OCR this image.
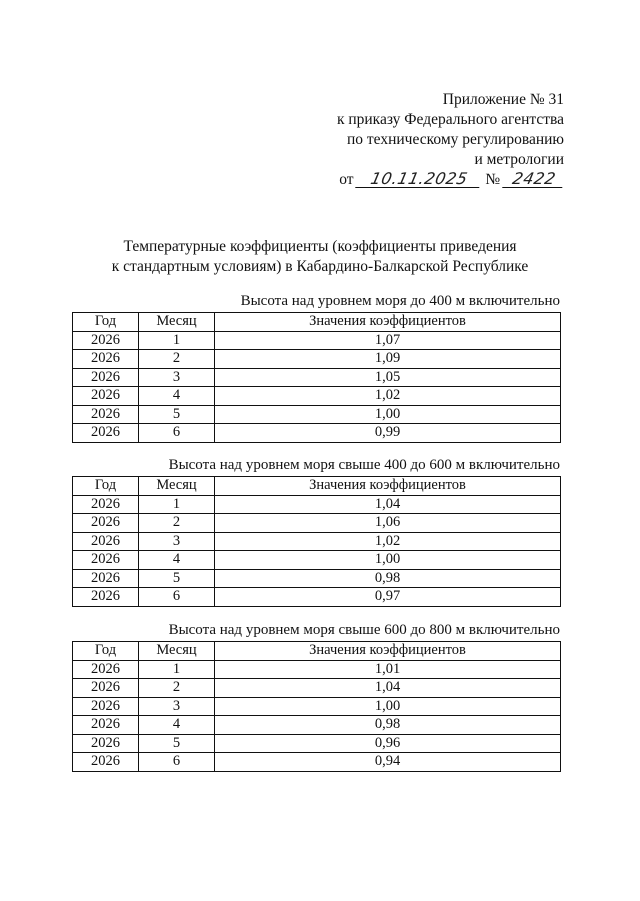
Приложение № 31
к приказу Федерального агентства
по техническому регулированию
и метрологии
от 10.11.2025 № 2422
Температурные коэффициенты (коэффициенты приведения
к стандартным условиям) в Кабардино-Балкарской Республике
Высота над уровнем моря до 400 м включительно
Год	Месяц	Значения коэффициентов
2026	1	1,07
2026	2	1,09
2026	3	1,05
2026	4	1,02
2026	5	1,00
2026	6	0,99
Высота над уровнем моря свыше 400 до 600 м включительно
Год	Месяц	Значения коэффициентов
2026	1	1,04
2026	2	1,06
2026	3	1,02
2026	4	1,00
2026	5	0,98
2026	6	0,97
Высота над уровнем моря свыше 600 до 800 м включительно
Год	Месяц	Значения коэффициентов
2026	1	1,01
2026	2	1,04
2026	3	1,00
2026	4	0,98
2026	5	0,96
2026	6	0,94
